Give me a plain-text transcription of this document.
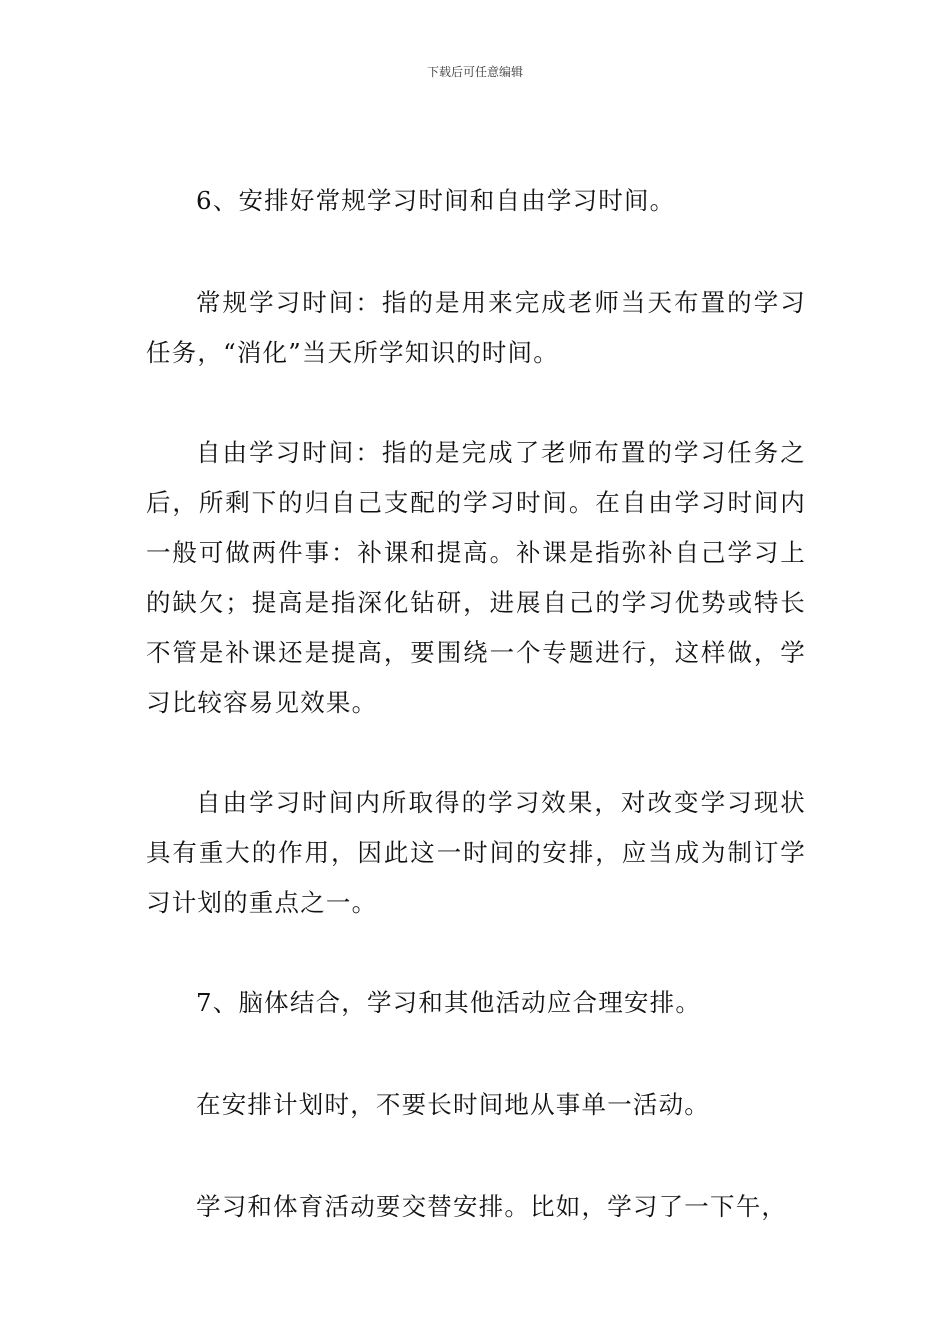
下载后可任意编辑

6、安排好常规学习时间和自由学习时间。

常规学习时间：指的是用来完成老师当天布置的学习任务，“消化”当天所学知识的时间。

自由学习时间：指的是完成了老师布置的学习任务之后，所剩下的归自己支配的学习时间。在自由学习时间内一般可做两件事：补课和提高。补课是指弥补自己学习上的缺欠；提高是指深化钻研，进展自己的学习优势或特长不管是补课还是提高，要围绕一个专题进行，这样做，学习比较容易见效果。

自由学习时间内所取得的学习效果，对改变学习现状具有重大的作用，因此这一时间的安排，应当成为制订学习计划的重点之一。

7、脑体结合，学习和其他活动应合理安排。

在安排计划时，不要长时间地从事单一活动。

学习和体育活动要交替安排。比如，学习了一下午，
